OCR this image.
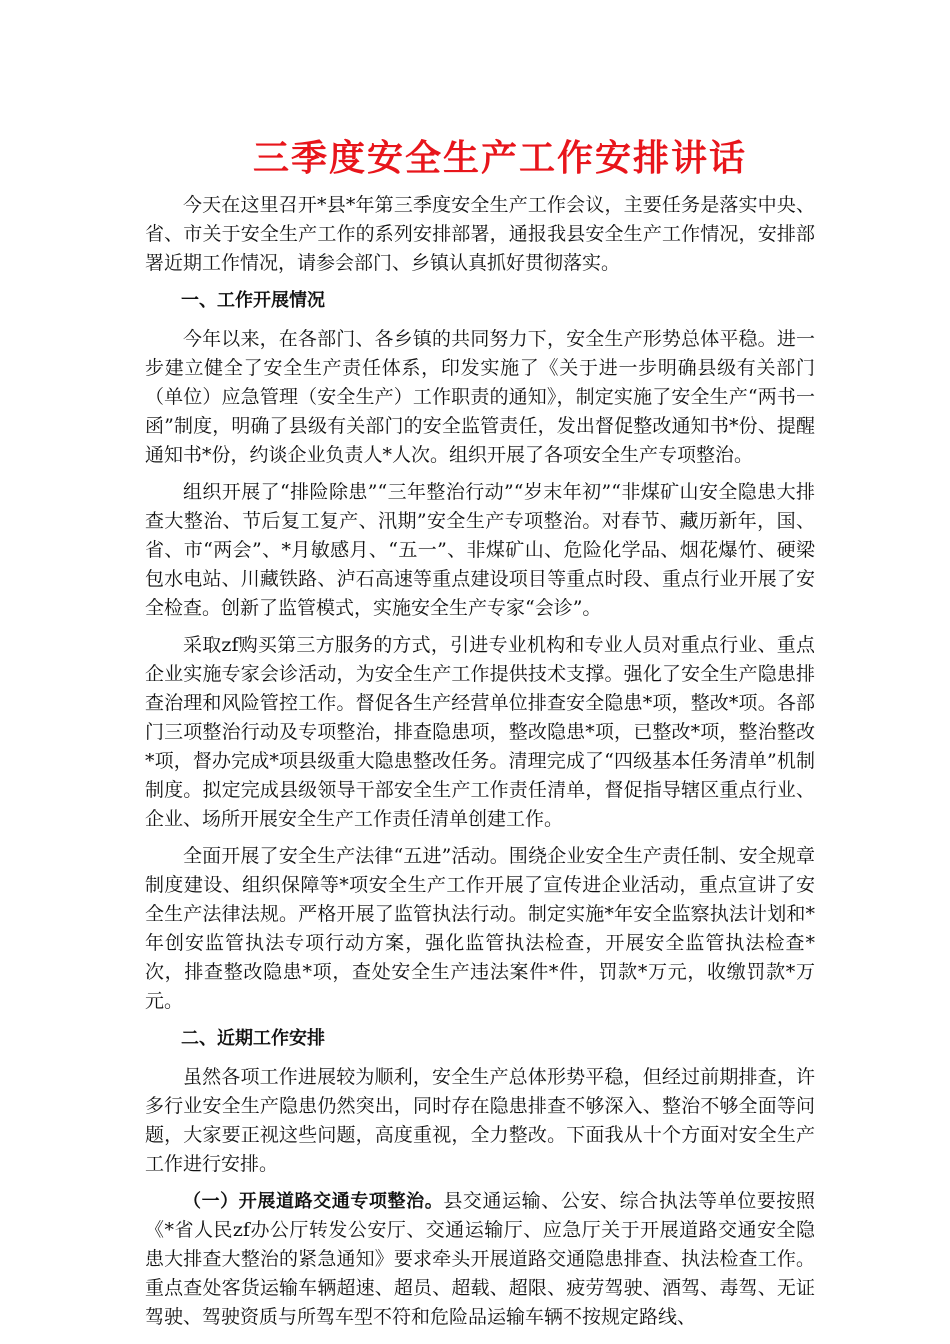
三季度安全生产工作安排讲话

今天在这里召开*县*年第三季度安全生产工作会议，主要任务是落实中央、省、市关于安全生产工作的系列安排部署，通报我县安全生产工作情况，安排部署近期工作情况，请参会部门、乡镇认真抓好贯彻落实。

一、工作开展情况

今年以来，在各部门、各乡镇的共同努力下，安全生产形势总体平稳。进一步建立健全了安全生产责任体系，印发实施了《关于进一步明确县级有关部门（单位）应急管理（安全生产）工作职责的通知》，制定实施了安全生产“两书一函”制度，明确了县级有关部门的安全监管责任，发出督促整改通知书*份、提醒通知书*份，约谈企业负责人*人次。组织开展了各项安全生产专项整治。

组织开展了“排险除患”“三年整治行动”“岁末年初”“非煤矿山安全隐患大排查大整治、节后复工复产、汛期”安全生产专项整治。对春节、藏历新年，国、省、市“两会”、*月敏感月、“五一”、非煤矿山、危险化学品、烟花爆竹、硬梁包水电站、川藏铁路、泸石高速等重点建设项目等重点时段、重点行业开展了安全检查。创新了监管模式，实施安全生产专家“会诊”。

采取zf购买第三方服务的方式，引进专业机构和专业人员对重点行业、重点企业实施专家会诊活动，为安全生产工作提供技术支撑。强化了安全生产隐患排查治理和风险管控工作。督促各生产经营单位排查安全隐患*项，整改*项。各部门三项整治行动及专项整治，排查隐患项，整改隐患*项，已整改*项，整治整改*项，督办完成*项县级重大隐患整改任务。清理完成了“四级基本任务清单”机制制度。拟定完成县级领导干部安全生产工作责任清单，督促指导辖区重点行业、企业、场所开展安全生产工作责任清单创建工作。

全面开展了安全生产法律“五进”活动。围绕企业安全生产责任制、安全规章制度建设、组织保障等*项安全生产工作开展了宣传进企业活动，重点宣讲了安全生产法律法规。严格开展了监管执法行动。制定实施*年安全监察执法计划和*年创安监管执法专项行动方案，强化监管执法检查，开展安全监管执法检查*次，排查整改隐患*项，查处安全生产违法案件*件，罚款*万元，收缴罚款*万元。

二、近期工作安排

虽然各项工作进展较为顺利，安全生产总体形势平稳，但经过前期排查，许多行业安全生产隐患仍然突出，同时存在隐患排查不够深入、整治不够全面等问题，大家要正视这些问题，高度重视，全力整改。下面我从十个方面对安全生产工作进行安排。

（一）开展道路交通专项整治。县交通运输、公安、综合执法等单位要按照《*省人民zf办公厅转发公安厅、交通运输厅、应急厅关于开展道路交通安全隐患大排查大整治的紧急通知》要求牵头开展道路交通隐患排查、执法检查工作。重点查处客货运输车辆超速、超员、超载、超限、疲劳驾驶、酒驾、毒驾、无证驾驶、驾驶资质与所驾车型不符和危险品运输车辆不按规定路线、
